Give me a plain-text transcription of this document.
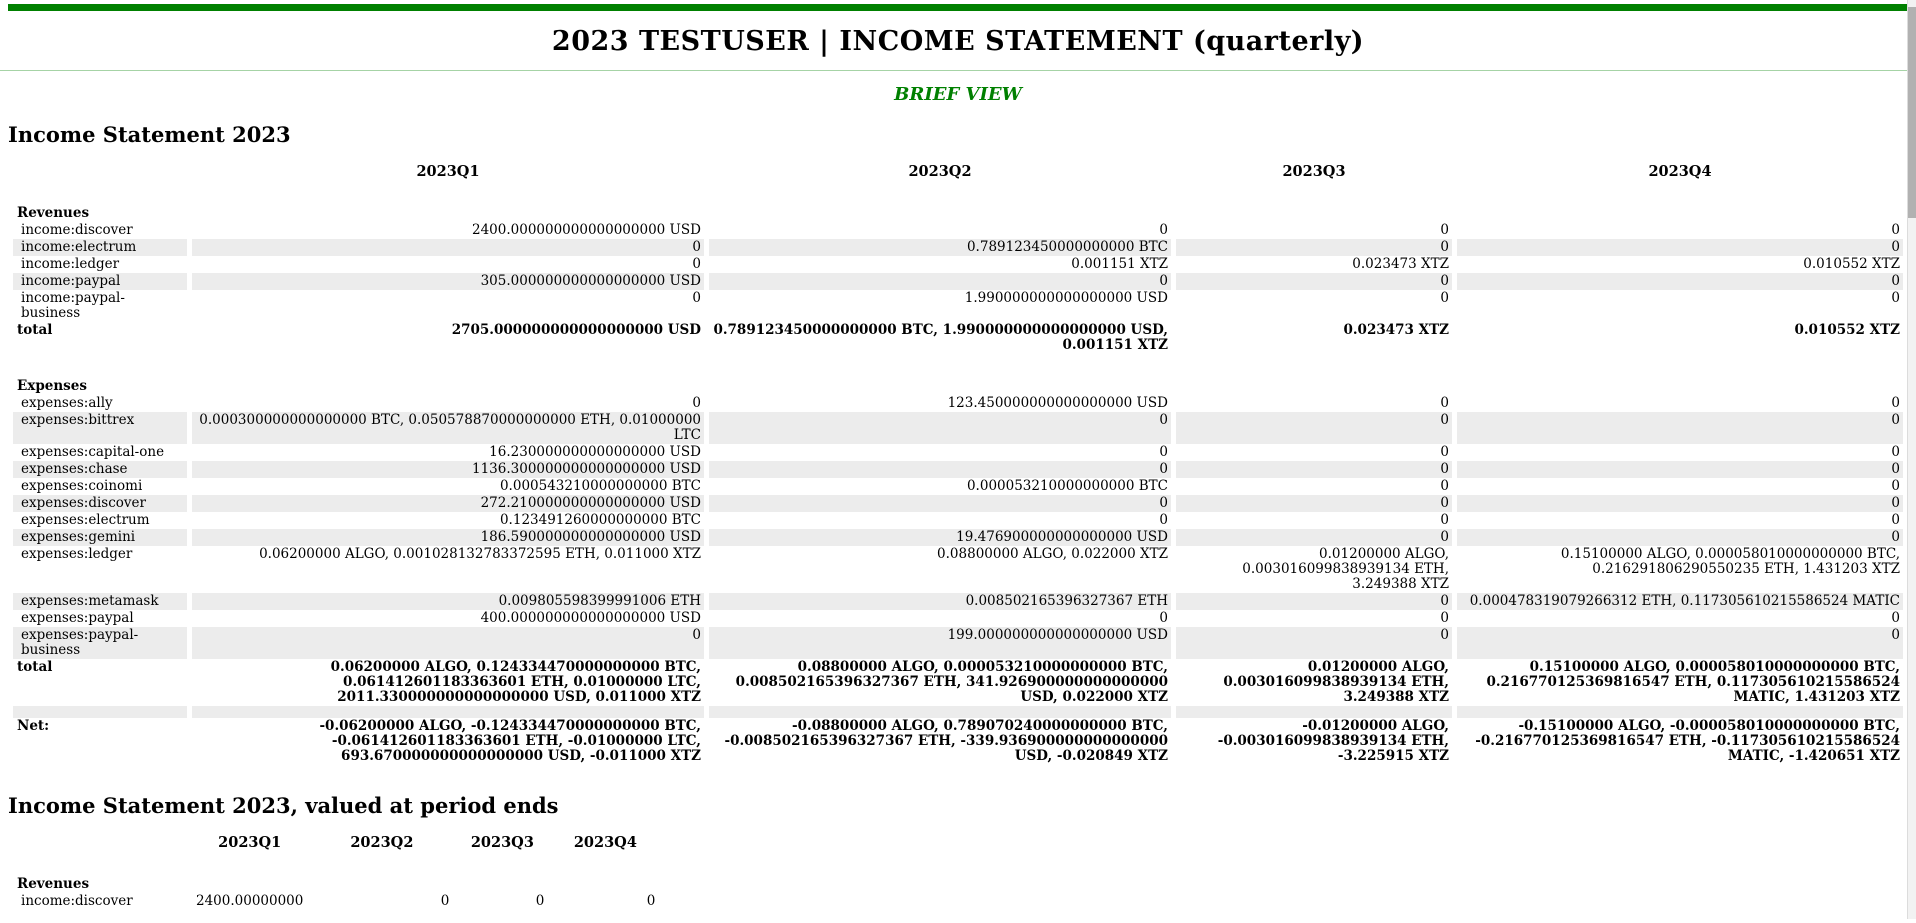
2023 TESTUSER | INCOME STATEMENT (quarterly)
BRIEF VIEW
Income Statement 2023
	2023Q1	2023Q2	2023Q3	2023Q4

Revenues				
income:discover	2400.000000000000000000 USD	0	0	0
income:electrum	0	0.789123450000000000 BTC	0	0
income:ledger	0	0.001151 XTZ	0.023473 XTZ	0.010552 XTZ
income:paypal	305.000000000000000000 USD	0	0	0
income:paypal-business	0	1.990000000000000000 USD	0	0
total	2705.000000000000000000 USD	0.789123450000000000 BTC, 1.990000000000000000 USD, 0.001151 XTZ	0.023473 XTZ	0.010552 XTZ

Expenses				
expenses:ally	0	123.450000000000000000 USD	0	0
expenses:bittrex	0.000300000000000000 BTC, 0.050578870000000000 ETH, 0.01000000 LTC	0	0	0
expenses:capital-one	16.230000000000000000 USD	0	0	0
expenses:chase	1136.300000000000000000 USD	0	0	0
expenses:coinomi	0.000543210000000000 BTC	0.000053210000000000 BTC	0	0
expenses:discover	272.210000000000000000 USD	0	0	0
expenses:electrum	0.123491260000000000 BTC	0	0	0
expenses:gemini	186.590000000000000000 USD	19.476900000000000000 USD	0	0
expenses:ledger	0.06200000 ALGO, 0.001028132783372595 ETH, 0.011000 XTZ	0.08800000 ALGO, 0.022000 XTZ	0.01200000 ALGO, 0.003016099838939134 ETH, 3.249388 XTZ	0.15100000 ALGO, 0.000058010000000000 BTC, 0.216291806290550235 ETH, 1.431203 XTZ
expenses:metamask	0.009805598399991006 ETH	0.008502165396327367 ETH	0	0.000478319079266312 ETH, 0.117305610215586524 MATIC
expenses:paypal	400.000000000000000000 USD	0	0	0
expenses:paypal-business	0	199.000000000000000000 USD	0	0
total	0.06200000 ALGO, 0.124334470000000000 BTC, 0.061412601183363601 ETH, 0.01000000 LTC, 2011.330000000000000000 USD, 0.011000 XTZ	0.08800000 ALGO, 0.000053210000000000 BTC, 0.008502165396327367 ETH, 341.926900000000000000 USD, 0.022000 XTZ	0.01200000 ALGO, 0.003016099838939134 ETH, 3.249388 XTZ	0.15100000 ALGO, 0.000058010000000000 BTC, 0.216770125369816547 ETH, 0.117305610215586524 MATIC, 1.431203 XTZ

Net:	-0.06200000 ALGO, -0.124334470000000000 BTC, -0.061412601183363601 ETH, -0.01000000 LTC, 693.670000000000000000 USD, -0.011000 XTZ	-0.08800000 ALGO, 0.789070240000000000 BTC, -0.008502165396327367 ETH, -339.936900000000000000 USD, -0.020849 XTZ	-0.01200000 ALGO, -0.003016099838939134 ETH, -3.225915 XTZ	-0.15100000 ALGO, -0.000058010000000000 BTC, -0.216770125369816547 ETH, -0.117305610215586524 MATIC, -1.420651 XTZ
Income Statement 2023, valued at period ends
	2023Q1	2023Q2	2023Q3	2023Q4

Revenues				
income:discover	2400.00000000	0	0	0
